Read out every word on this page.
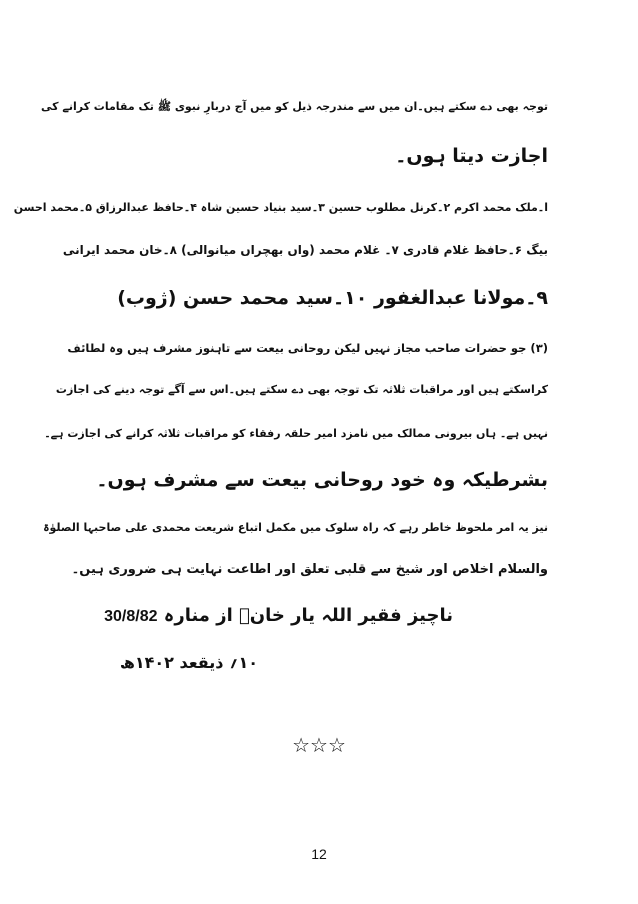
توجہ بھی دے سکتے ہیں۔ان میں سے مندرجہ ذیل کو میں آج دربارِ نبوی ﷺ تک مقامات کرانے کی
اجازت دیتا ہوں۔
ا۔ملک محمد اکرم ۲۔کرنل مطلوب حسین ۳۔سید بنیاد حسین شاہ ۴۔حافظ عبدالرزاق ۵۔محمد احسن
بیگ ۶۔حافظ غلام قادری ۷۔ غلام محمد (واں بھچراں میانوالی) ۸۔خان محمد ایرانی
۹۔مولانا عبدالغفور ۱۰۔سید محمد حسن (ژوب)
(۳) جو حضرات صاحب مجاز نہیں لیکن روحانی بیعت سے تاہنوز مشرف ہیں وہ لطائف
کراسکتے ہیں اور مراقبات ثلاثہ تک توجہ بھی دے سکتے ہیں۔اس سے آگے توجہ دینے کی اجازت
نہیں ہے۔ ہاں بیرونی ممالک میں نامزد امیر حلقہ رفقاء کو مراقبات ثلاثہ کرانے کی اجازت ہے۔
بشرطیکہ وہ خود روحانی بیعت سے مشرف ہوں۔
نیز یہ امر ملحوظ خاطر رہے کہ راہ سلوک میں مکمل اتباع شریعت محمدی علی صاحبہا الصلوٰۃ
والسلام اخلاص اور شیخ سے قلبی تعلق اور اطاعت نہایت ہی ضروری ہیں۔
ناچیز فقیر اللہ یار خانؒ از منارہ 30/8/82
۱۰؍ ذیقعد ۱۴۰۲ھ
☆☆☆
12
